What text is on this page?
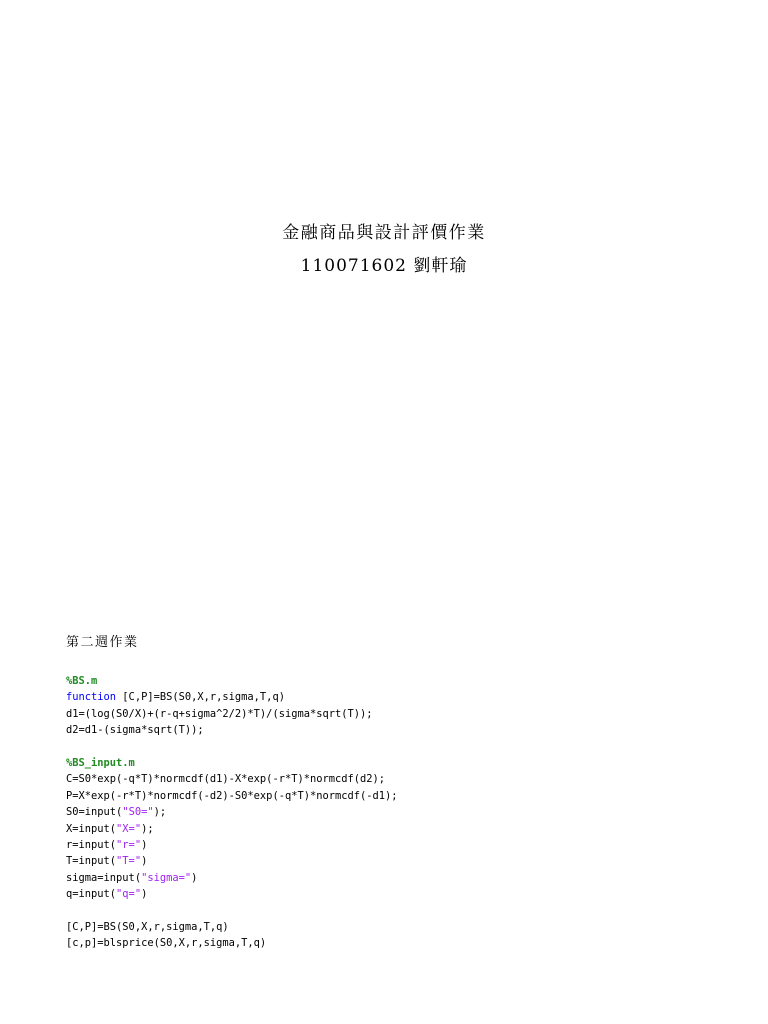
金融商品與設計評價作業
110071602 劉軒瑜
第二週作業
%BS.m
function [C,P]=BS(S0,X,r,sigma,T,q)
d1=(log(S0/X)+(r-q+sigma^2/2)*T)/(sigma*sqrt(T));
d2=d1-(sigma*sqrt(T));
%BS_input.m
C=S0*exp(-q*T)*normcdf(d1)-X*exp(-r*T)*normcdf(d2);
P=X*exp(-r*T)*normcdf(-d2)-S0*exp(-q*T)*normcdf(-d1);
S0=input("S0=");
X=input("X=");
r=input("r=")
T=input("T=")
sigma=input("sigma=")
q=input("q=")
[C,P]=BS(S0,X,r,sigma,T,q)
[c,p]=blsprice(S0,X,r,sigma,T,q)
